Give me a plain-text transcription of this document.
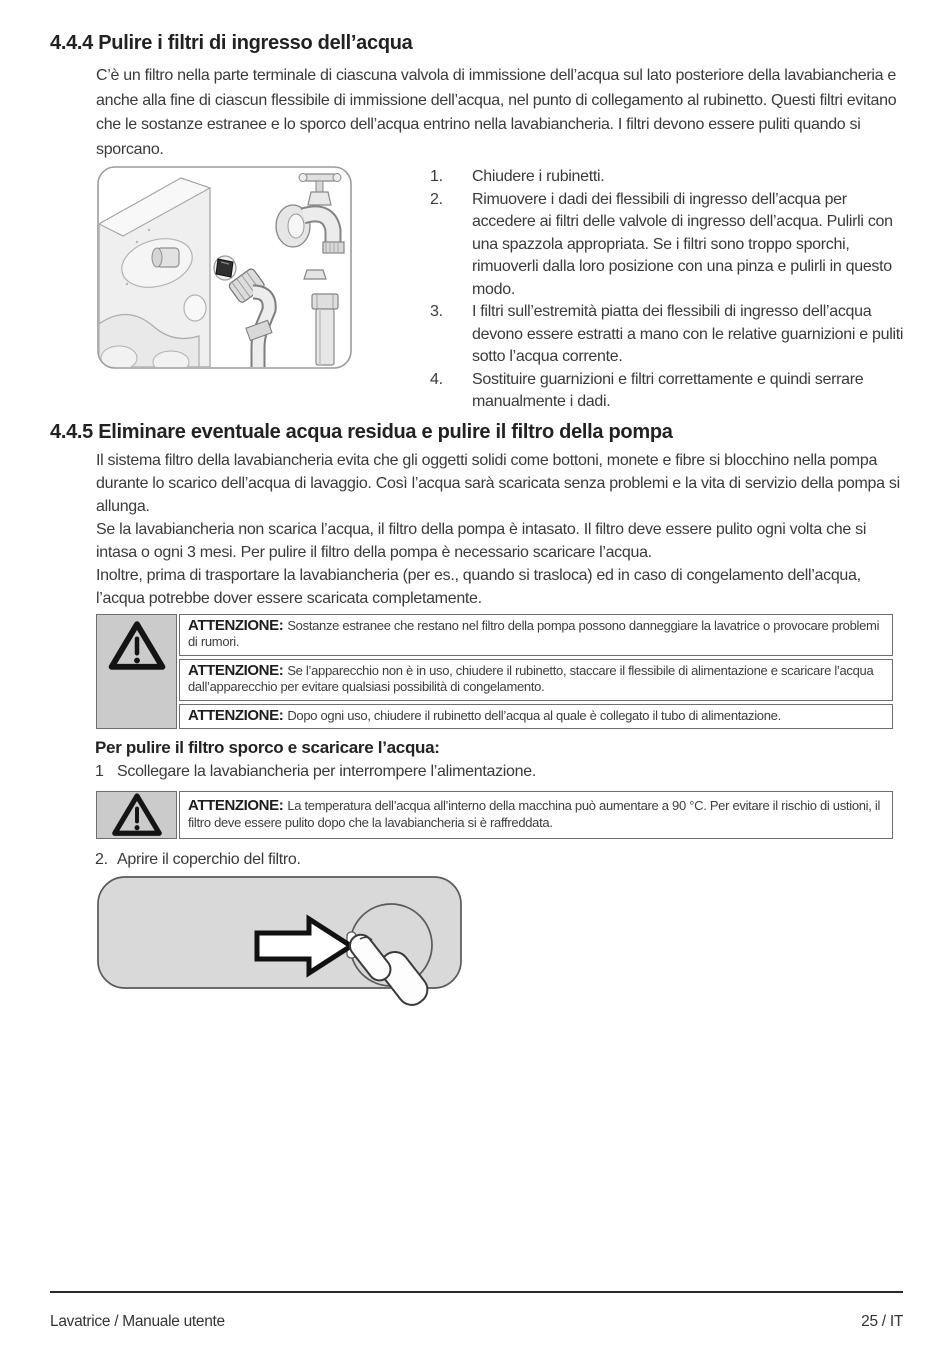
4.4.4 Pulire i filtri di ingresso dell’acqua
C’è un filtro nella parte terminale di ciascuna valvola di immissione dell’acqua sul lato posteriore della lavabiancheria e anche alla fine di ciascun flessibile di immissione dell’acqua, nel punto di collegamento al rubinetto. Questi filtri evitano che le sostanze estranee e lo sporco dell’acqua entrino nella lavabiancheria. I filtri devono essere puliti quando si sporcano.
1.	Chiudere i rubinetti.
2.	Rimuovere i dadi dei flessibili di ingresso dell’acqua per accedere ai filtri delle valvole di ingresso dell’acqua. Pulirli con una spazzola appropriata. Se i filtri sono troppo sporchi, rimuoverli dalla loro posizione con una pinza e pulirli in questo modo.
3.	I filtri sull’estremità piatta dei flessibili di ingresso dell’acqua devono essere estratti a mano con le relative guarnizioni e puliti sotto l’acqua corrente.
4.	Sostituire guarnizioni e filtri correttamente e quindi serrare manualmente i dadi.
4.4.5 Eliminare eventuale acqua residua e pulire il filtro della pompa

Il sistema filtro della lavabiancheria evita che gli oggetti solidi come bottoni, monete e fibre si blocchino nella pompa durante lo scarico dell’acqua di lavaggio. Così l’acqua sarà scaricata senza problemi e la vita di servizio della pompa si allunga.

Se la lavabiancheria non scarica l’acqua, il filtro della pompa è intasato. Il filtro deve essere pulito ogni volta che si intasa o ogni 3 mesi. Per pulire il filtro della pompa è necessario scaricare l’acqua.

Inoltre, prima di trasportare la lavabiancheria (per es., quando si trasloca) ed in caso di congelamento dell’acqua, l’acqua potrebbe dover essere scaricata completamente.

ATTENZIONE: Sostanze estranee che restano nel filtro della pompa possono danneggiare la lavatrice o provocare problemi di rumori.
ATTENZIONE: Se l’apparecchio non è in uso, chiudere il rubinetto, staccare il flessibile di alimentazione e scaricare l’acqua dall’apparecchio per evitare qualsiasi possibilità di congelamento.
ATTENZIONE: Dopo ogni uso, chiudere il rubinetto dell’acqua al quale è collegato il tubo di alimentazione.
Per pulire il filtro sporco e scaricare l’acqua:
1 Scollegare la lavabiancheria per interrompere l’alimentazione.
ATTENZIONE: La temperatura dell’acqua all’interno della macchina può aumentare a 90 °C. Per evitare il rischio di ustioni, il filtro deve essere pulito dopo che la lavabiancheria si è raffreddata.
2. Aprire il coperchio del filtro.
Lavatrice / Manuale utente	25 / IT
